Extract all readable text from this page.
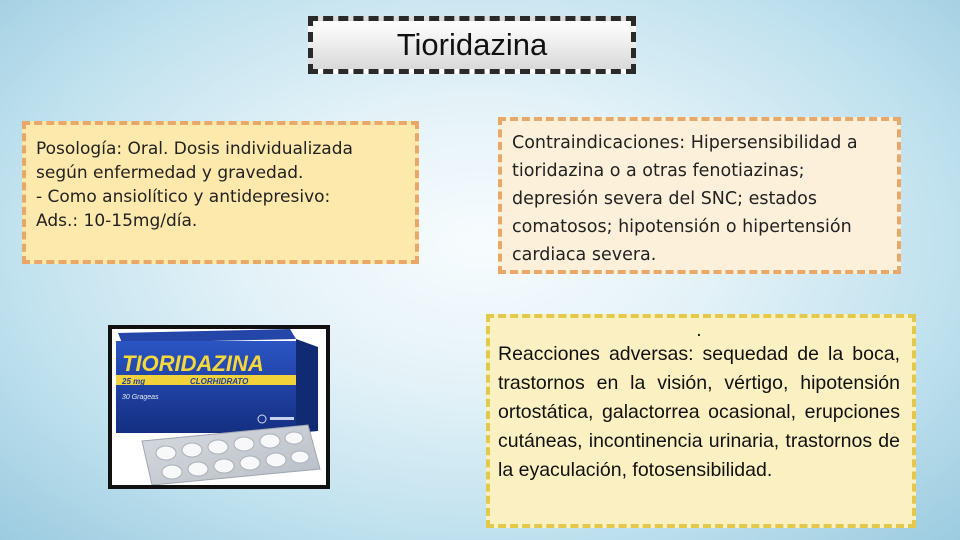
Tioridazina
Posología: Oral. Dosis individualizada
según enfermedad y gravedad.
- Como ansiolítico y antidepresivo:
Ads.: 10-15mg/día.
Contraindicaciones: Hipersensibilidad a
tioridazina o a otras fenotiazinas;
depresión severa del SNC; estados
comatosos; hipotensión o hipertensión
cardiaca severa.
.
Reacciones adversas: sequedad de la boca, trastornos en la visión, vértigo, hipotensión ortostática, galactorrea ocasional, erupciones cutáneas, incontinencia urinaria, trastornos de la eyaculación, fotosensibilidad.
TIORIDAZINA
25 mg	CLORHIDRATO
30 Grageas
